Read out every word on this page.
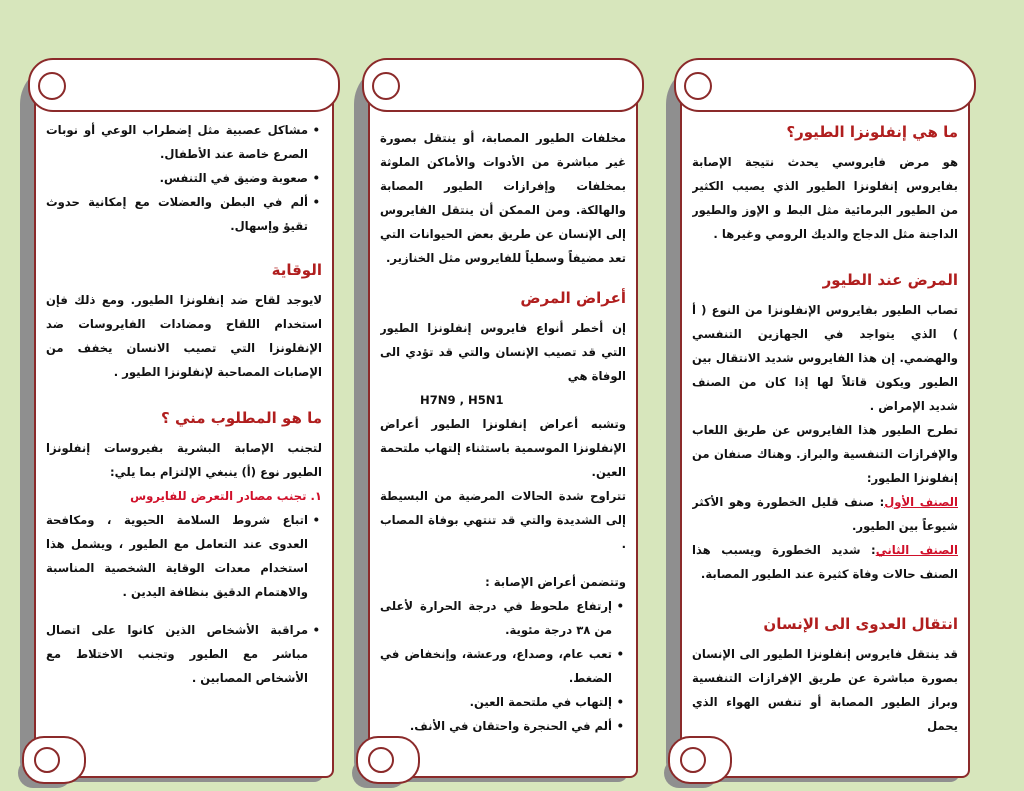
• مشاكل عصبية مثل إضطراب الوعي أو نوبات الصرع خاصة عند الأطفال.
• صعوبة وضيق في التنفس.
• ألم في البطن والعضلات مع إمكانية حدوث تقيؤ وإسهال.
الوقاية

لايوجد لقاح ضد إنفلونزا الطيور. ومع ذلك فإن استخدام اللقاح ومضادات الفايروسات ضد الإنفلونزا التي تصيب الانسان يخفف من الإصابات المصاحبة لإنفلونزا الطيور .

ما هو المطلوب مني ؟

لتجنب الإصابة البشرية بفيروسات إنفلونزا الطيور نوع (أ) ينبغي الإلتزام بما يلي:

١. تجنب مصادر التعرض للفايروس

• اتباع شروط السلامة الحيوية ، ومكافحة العدوى عند التعامل مع الطيور ، ويشمل هذا استخدام معدات الوقاية الشخصية المناسبة والاهتمام الدقيق بنظافة اليدين .
• مراقبة الأشخاص الذين كانوا على اتصال مباشر مع الطيور وتجنب الاختلاط مع الأشخاص المصابين .

مخلفات الطيور المصابة، أو ينتقل بصورة غير مباشرة من الأدوات والأماكن الملوثة بمخلفات وإفرازات الطيور المصابة والهالكة. ومن الممكن أن ينتقل الفايروس إلى الإنسان عن طريق بعض الحيوانات التي تعد مضيفاً وسطياً للفايروس مثل الخنازير.

أعراض المرض

إن أخطر أنواع فايروس إنفلونزا الطيور التي قد تصيب الإنسان والتي قد تؤدي الى الوفاة هي

H7N9 , H5N1

وتشبه أعراض إنفلونزا الطيور أعراض الإنفلونزا الموسمية باستثناء إلتهاب ملتحمة العين.

تتراوح شدة الحالات المرضية من البسيطة إلى الشديدة والتي قد تنتهي بوفاة المصاب .

وتتضمن أعراض الإصابة :

• إرتفاع ملحوظ في درجة الحرارة لأعلى من ٣٨ درجة مئوية.
• تعب عام، وصداع، ورعشة، وإنخفاض في الضغط.
• إلتهاب في ملتحمة العين.
• ألم في الحنجرة واحتقان في الأنف.
ما هي إنفلونزا الطيور؟

هو مرض فايروسي يحدث نتيجة الإصابة بفايروس إنفلونزا الطيور الذي يصيب الكثير من الطيور البرمائية مثل البط و الإوز والطيور الداجنة مثل الدجاج والديك الرومي وغيرها .

المرض عند الطيور

تصاب الطيور بفايروس الإنفلونزا من النوع ( أ ) الذي يتواجد في الجهازين التنفسي والهضمي. إن هذا الفايروس شديد الانتقال بين الطيور ويكون قاتلاً لها إذا كان من الصنف شديد الإمراض .

تطرح الطيور هذا الفايروس عن طريق اللعاب والإفرازات التنفسية والبراز. وهناك صنفان من إنفلونزا الطيور:

الصنف الأول: صنف قليل الخطورة وهو الأكثر شيوعاً بين الطيور.

الصنف الثاني: شديد الخطورة ويسبب هذا الصنف حالات وفاة كثيرة عند الطيور المصابة.

انتقال العدوى الى الإنسان

قد ينتقل فايروس إنفلونزا الطيور الى الإنسان بصورة مباشرة عن طريق الإفرازات التنفسية وبراز الطيور المصابة أو تنفس الهواء الذي يحمل
